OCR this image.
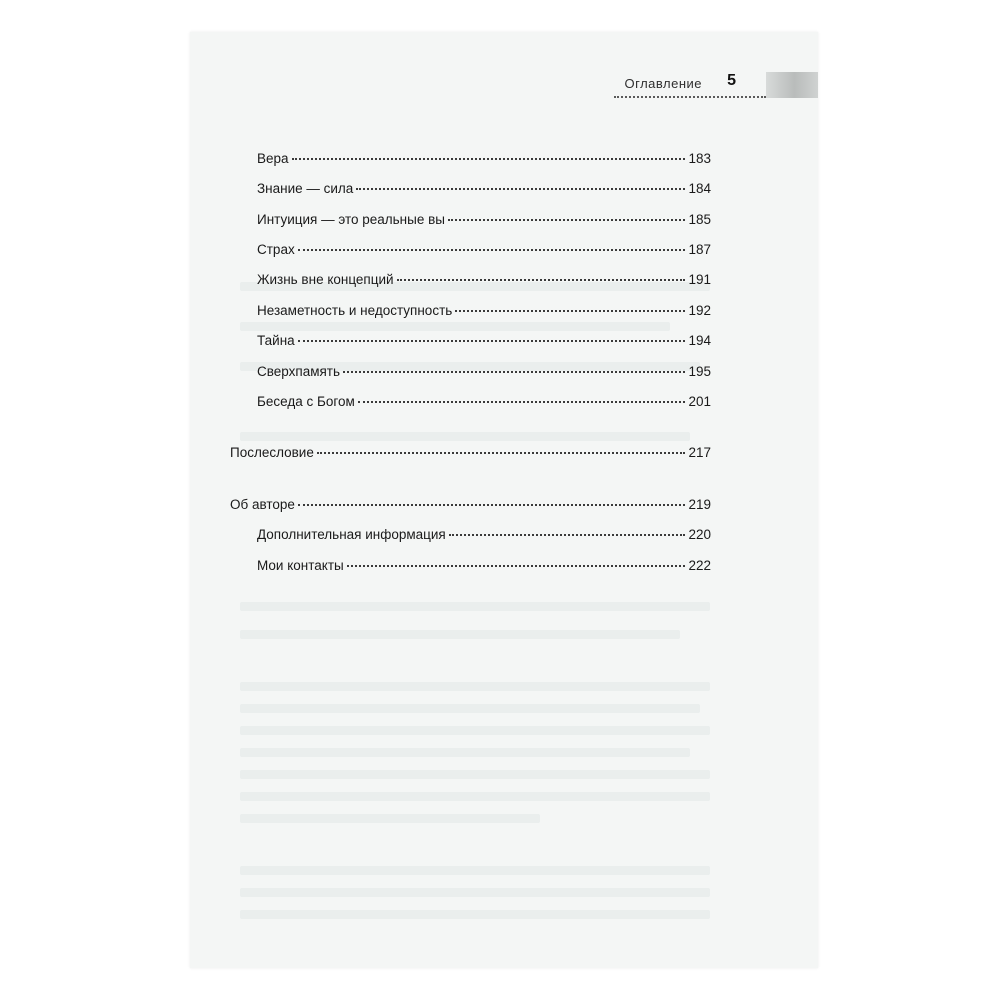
Оглавление 5
Вера	183
Знание — сила	184
Интуиция — это реальные вы	185
Страх	187
Жизнь вне концепций	191
Незаметность и недоступность	192
Тайна	194
Сверхпамять	195
Беседа с Богом	201
Послесловие	217
Об авторе	219
Дополнительная информация	220
Мои контакты	222
